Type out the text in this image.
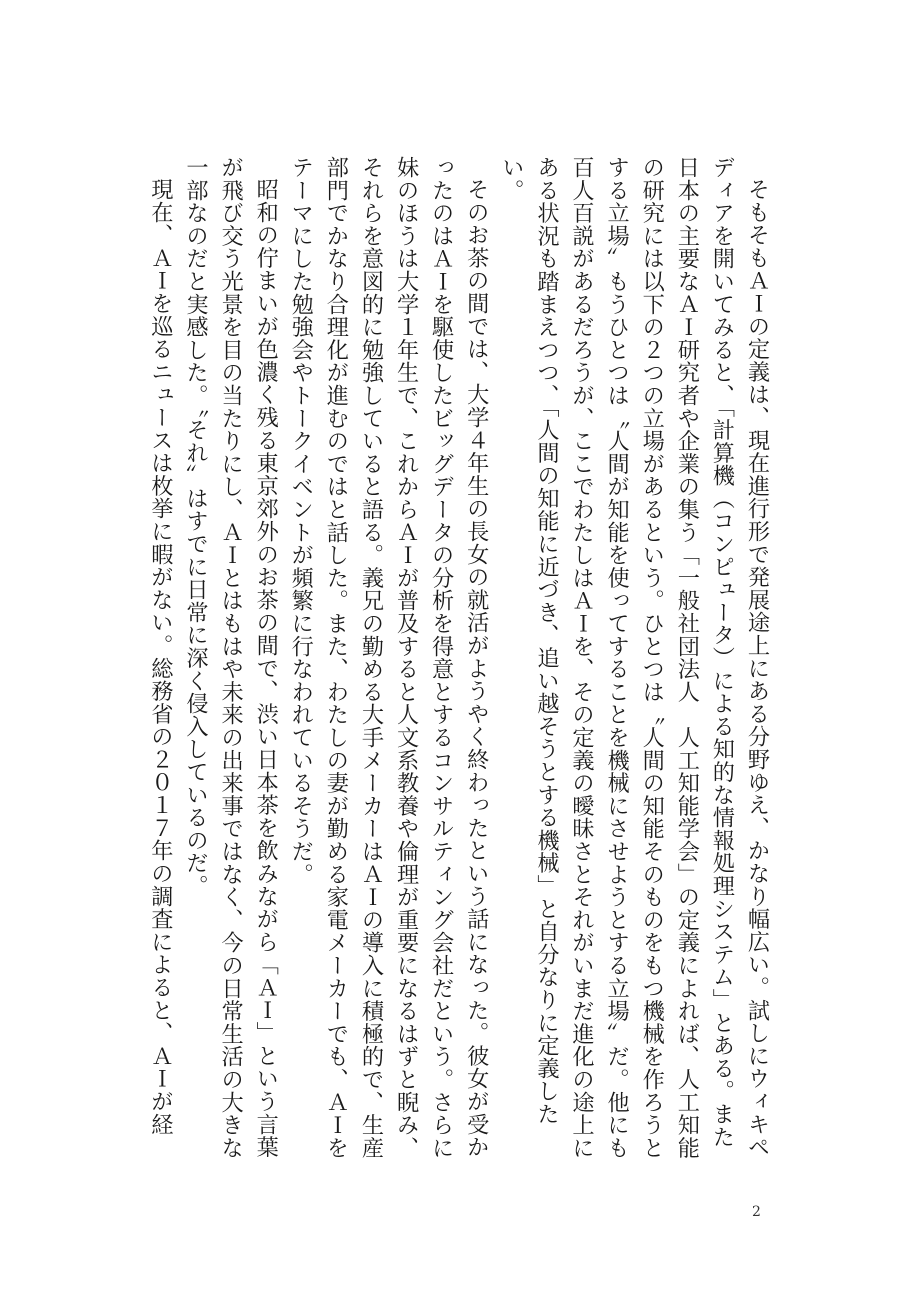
そもそもＡＩの定義は、現在進行形で発展途上にある分野ゆえ、かなり幅広い。試しにウィキペディアを開いてみると、「計算機（コンピュータ）による知的な情報処理システム」とある。また日本の主要なＡＩ研究者や企業の集う「一般社団法人　人工知能学会」の定義によれば、人工知能の研究には以下の２つの立場があるという。ひとつは〝人間の知能そのものをもつ機械を作ろうとする立場〟もうひとつは〝人間が知能を使ってすることを機械にさせようとする立場〟だ。他にも百人百説があるだろうが、ここでわたしはＡＩを、その定義の曖昧さとそれがいまだ進化の途上にある状況も踏まえつつ、「人間の知能に近づき、追い越そうとする機械」と自分なりに定義したい。

そのお茶の間では、大学４年生の長女の就活がようやく終わったという話になった。彼女が受かったのはＡＩを駆使したビッグデータの分析を得意とするコンサルティング会社だという。さらに妹のほうは大学１年生で、これからＡＩが普及すると人文系教養や倫理が重要になるはずと睨み、それらを意図的に勉強していると語る。義兄の勤める大手メーカーはＡＩの導入に積極的で、生産部門でかなり合理化が進むのではと話した。また、わたしの妻が勤める家電メーカーでも、ＡＩをテーマにした勉強会やトークイベントが頻繁に行なわれているそうだ。

昭和の佇まいが色濃く残る東京郊外のお茶の間で、渋い日本茶を飲みながら「ＡＩ」という言葉が飛び交う光景を目の当たりにし、ＡＩとはもはや未来の出来事ではなく、今の日常生活の大きな一部なのだと実感した。〝それ〟はすでに日常に深く侵入しているのだ。

現在、ＡＩを巡るニュースは枚挙に暇がない。総務省の２０１７年の調査によると、ＡＩが経

2
